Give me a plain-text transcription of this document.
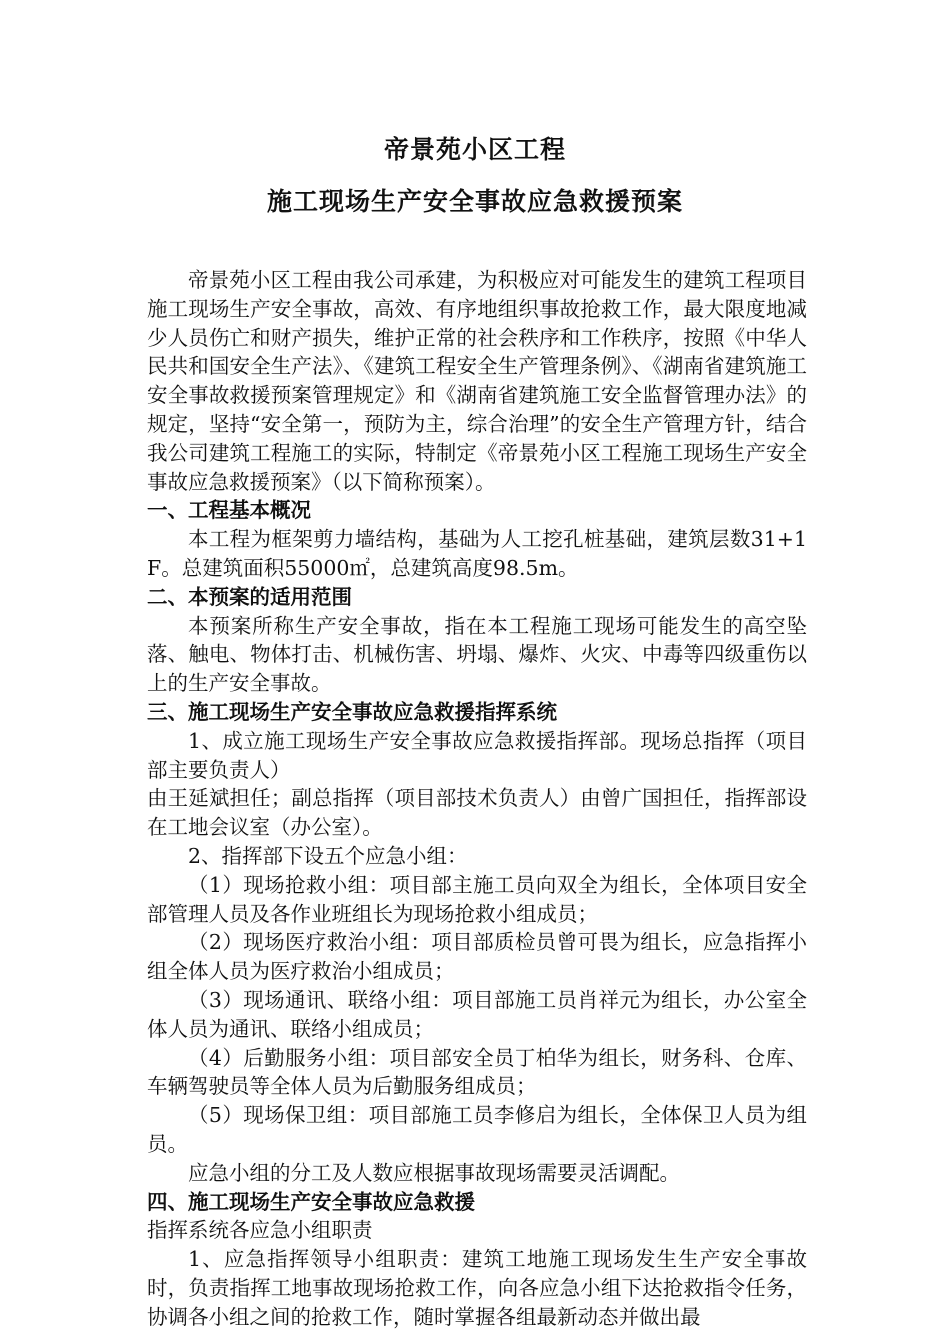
帝景苑小区工程
施工现场生产安全事故应急救援预案

帝景苑小区工程由我公司承建，为积极应对可能发生的建筑工程项目施工现场生产安全事故，高效、有序地组织事故抢救工作，最大限度地减少人员伤亡和财产损失，维护正常的社会秩序和工作秩序，按照《中华人民共和国安全生产法》、《建筑工程安全生产管理条例》、《湖南省建筑施工安全事故救援预案管理规定》和《湖南省建筑施工安全监督管理办法》的规定，坚持“安全第一，预防为主，综合治理”的安全生产管理方针，结合我公司建筑工程施工的实际，特制定《帝景苑小区工程施工现场生产安全事故应急救援预案》（以下简称预案）。

一、工程基本概况

本工程为框架剪力墙结构，基础为人工挖孔桩基础，建筑层数31+1F。总建筑面积55000㎡，总建筑高度98.5m。

二、本预案的适用范围

本预案所称生产安全事故，指在本工程施工现场可能发生的高空坠落、触电、物体打击、机械伤害、坍塌、爆炸、火灾、中毒等四级重伤以上的生产安全事故。

三、施工现场生产安全事故应急救援指挥系统

1、成立施工现场生产安全事故应急救援指挥部。现场总指挥（项目部主要负责人）

由王延斌担任；副总指挥（项目部技术负责人）由曾广国担任，指挥部设在工地会议室（办公室）。

2、指挥部下设五个应急小组：

（1）现场抢救小组：项目部主施工员向双全为组长，全体项目安全部管理人员及各作业班组长为现场抢救小组成员；

（2）现场医疗救治小组：项目部质检员曾可畏为组长，应急指挥小组全体人员为医疗救治小组成员；

（3）现场通讯、联络小组：项目部施工员肖祥元为组长，办公室全体人员为通讯、联络小组成员；

（4）后勤服务小组：项目部安全员丁柏华为组长，财务科、仓库、车辆驾驶员等全体人员为后勤服务组成员；

（5）现场保卫组：项目部施工员李修启为组长，全体保卫人员为组员。

应急小组的分工及人数应根据事故现场需要灵活调配。

四、施工现场生产安全事故应急救援

指挥系统各应急小组职责

1、应急指挥领导小组职责：建筑工地施工现场发生生产安全事故时，负责指挥工地事故现场抢救工作，向各应急小组下达抢救指令任务，协调各小组之间的抢救工作，随时掌握各组最新动态并做出最
